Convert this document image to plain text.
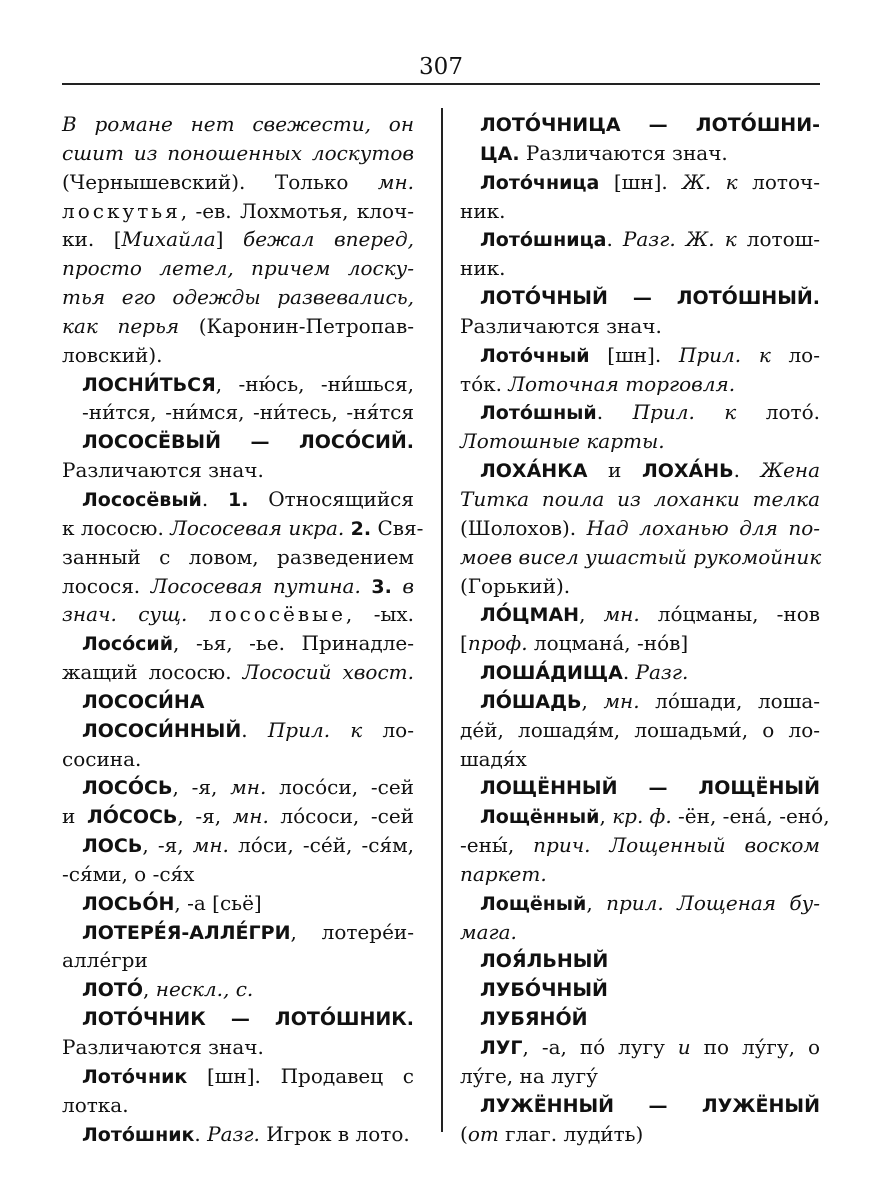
307
В романе нет свежести, он
сшит из поношенных лоскутов
(Чернышевский). Только мн.
лоскутья, -ев. Лохмотья, клоч-
ки. [Михайла] бежал вперед,
просто летел, причем лоску-
тья его одежды развевались,
как перья (Каронин-Петропав-
ловский).
ЛОСНИ́ТЬСЯ, -ню́сь, -ни́шься,
-ни́тся, -ни́мся, -ни́тесь, -ня́тся
ЛОСОСЁВЫЙ — ЛОСО́СИЙ.
Различаются знач.
Лососёвый. 1. Относящийся
к лососю. Лососевая икра. 2. Свя-
занный с ловом, разведением
лосося. Лососевая путина. 3. в
знач. сущ. лососёвые, -ых.
Лосо́сий, -ья, -ье. Принадле-
жащий лососю. Лососий хвост.
ЛОСОСИ́НА
ЛОСОСИ́ННЫЙ. Прил. к ло-
сосина.
ЛОСО́СЬ, -я, мн. лосо́си, -сей
и ЛО́СОСЬ, -я, мн. ло́соси, -сей
ЛОСЬ, -я, мн. ло́си, -се́й, -ся́м,
-ся́ми, о -ся́х
ЛОСЬО́Н, -а [сьё]
ЛОТЕРЕ́Я-АЛЛЕ́ГРИ, лотере́и-
алле́гри
ЛОТО́, нескл., с.
ЛОТО́ЧНИК — ЛОТО́ШНИК.
Различаются знач.
Лото́чник [шн]. Продавец с
лотка.
Лото́шник. Разг. Игрок в лото.
ЛОТО́ЧНИЦА — ЛОТО́ШНИ-
ЦА. Различаются знач.
Лото́чница [шн]. Ж. к лоточ-
ник.
Лото́шница. Разг. Ж. к лотош-
ник.
ЛОТО́ЧНЫЙ — ЛОТО́ШНЫЙ.
Различаются знач.
Лото́чный [шн]. Прил. к ло-
то́к. Лоточная торговля.
Лото́шный. Прил. к лото́.
Лотошные карты.
ЛОХА́НКА и ЛОХА́НЬ. Жена
Титка поила из лоханки телка
(Шолохов). Над лоханью для по-
моев висел ушастый рукомойник
(Горький).
ЛО́ЦМАН, мн. ло́цманы, -нов
[проф. лоцмана́, -но́в]
ЛОША́ДИЩА. Разг.
ЛО́ШАДЬ, мн. ло́шади, лоша-
де́й, лошадя́м, лошадьми́, о ло-
шадя́х
ЛОЩЁННЫЙ — ЛОЩЁНЫЙ
Лощённый, кр. ф. -ён, -ена́, -ено́,
-ены́, прич. Лощенный воском
паркет.
Лощёный, прил. Лощеная бу-
мага.
ЛОЯ́ЛЬНЫЙ
ЛУБО́ЧНЫЙ
ЛУБЯНО́Й
ЛУГ, -а, по́ лугу и по лу́гу, о
лу́ге, на лугу́
ЛУЖЁННЫЙ — ЛУЖЁНЫЙ
(от глаг. луди́ть)
